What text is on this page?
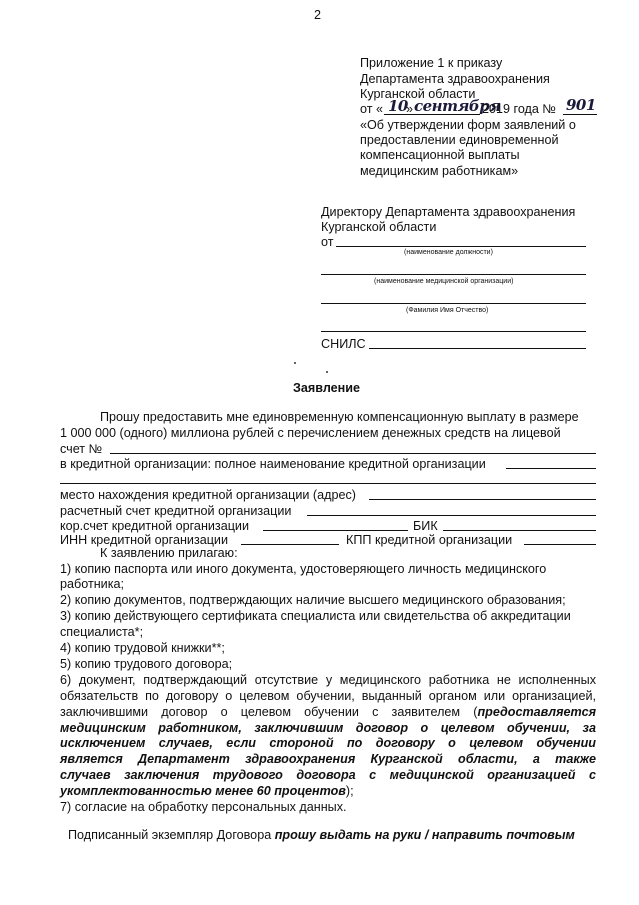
2
Приложение 1 к приказу
Департамента здравоохранения
Курганской области
от « 10
» сентября
2019 года № 901
«Об утверждении форм заявлений о
предоставлении единовременной
компенсационной выплаты
медицинским работникам»
Директору Департамента здравоохранения
Курганской области
от
(наименование должности)
(наименование медицинской организации)
(Фамилия Имя Отчество)
СНИЛС
Заявление
Прошу предоставить мне единовременную компенсационную выплату в размере
1 000 000 (одного) миллиона рублей с перечислением денежных средств на лицевой
счет №
в кредитной организации: полное наименование кредитной организации
место нахождения кредитной организации (адрес)
расчетный счет кредитной организации
кор.счет кредитной организации	БИК
ИНН кредитной организации	КПП кредитной организации
К заявлению прилагаю:
1) копию паспорта или иного документа, удостоверяющего личность медицинского
работника;
2) копию документов, подтверждающих наличие высшего медицинского образования;
3) копию действующего сертификата специалиста или свидетельства об аккредитации
специалиста*;
4) копию трудовой книжки**;
5) копию трудового договора;
6) документ, подтверждающий отсутствие у медицинского работника не исполненных
обязательств по договору о целевом обучении, выданный органом или организацией,
заключившими договор о целевом обучении с заявителем (предоставляется
медицинским работником, заключившим договор о целевом обучении, за
исключением случаев, если стороной по договору о целевом обучении
является Департамент здравоохранения Курганской области, а также
случаев заключения трудового договора с медицинской организацией с
укомплектованностью менее 60 процентов);
7) согласие на обработку персональных данных.
Подписанный экземпляр Договора прошу выдать на руки / направить почтовым
